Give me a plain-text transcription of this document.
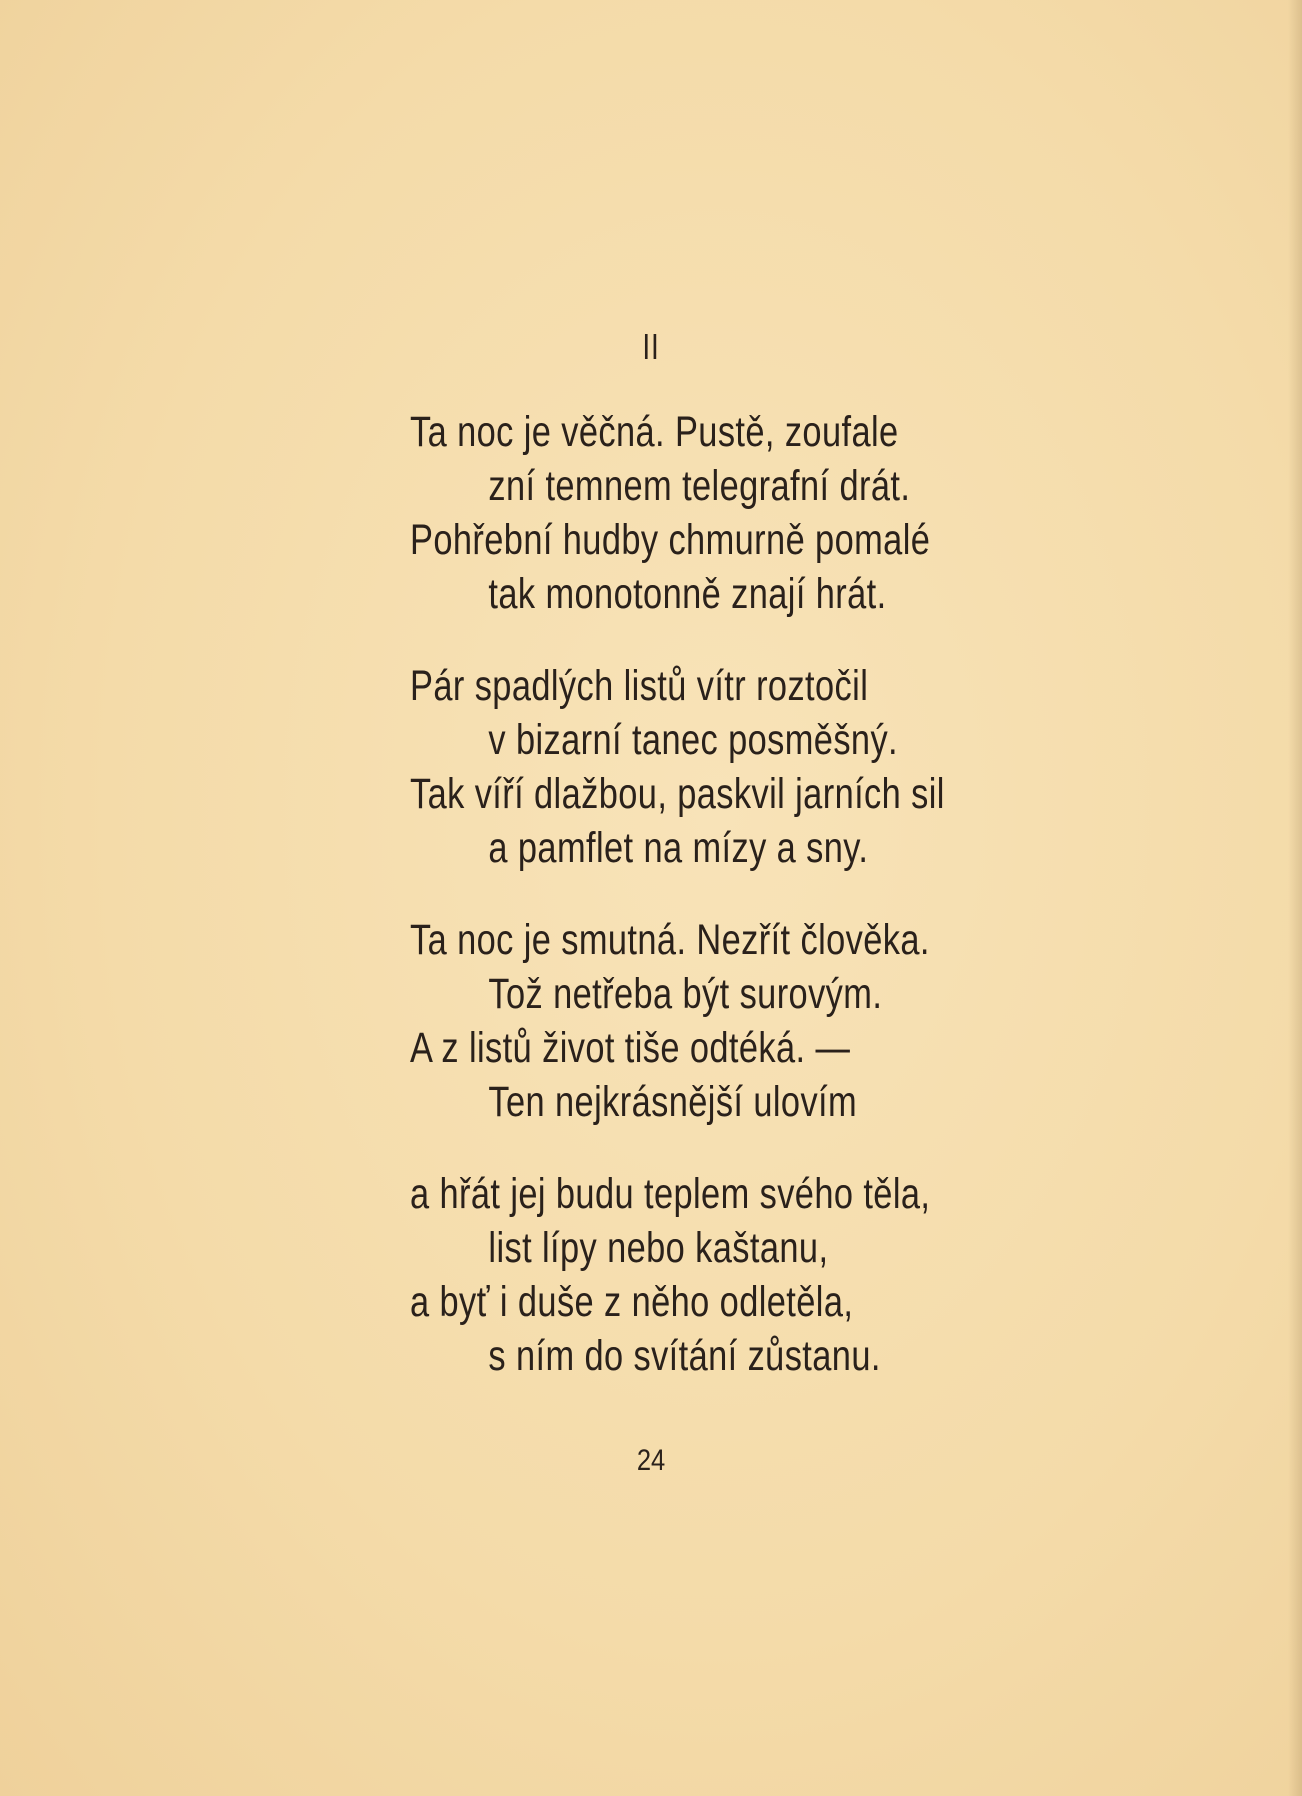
II
Ta noc je věčná. Pustě, zoufale
zní temnem telegrafní drát.
Pohřební hudby chmurně pomalé
tak monotonně znají hrát.
Pár spadlých listů vítr roztočil
v bizarní tanec posměšný.
Tak víří dlažbou, paskvil jarních sil
a pamflet na mízy a sny.
Ta noc je smutná. Nezřít člověka.
Tož netřeba být surovým.
A z listů život tiše odtéká. —
Ten nejkrásnější ulovím
a hřát jej budu teplem svého těla,
list lípy nebo kaštanu,
a byť i duše z něho odletěla,
s ním do svítání zůstanu.
24
